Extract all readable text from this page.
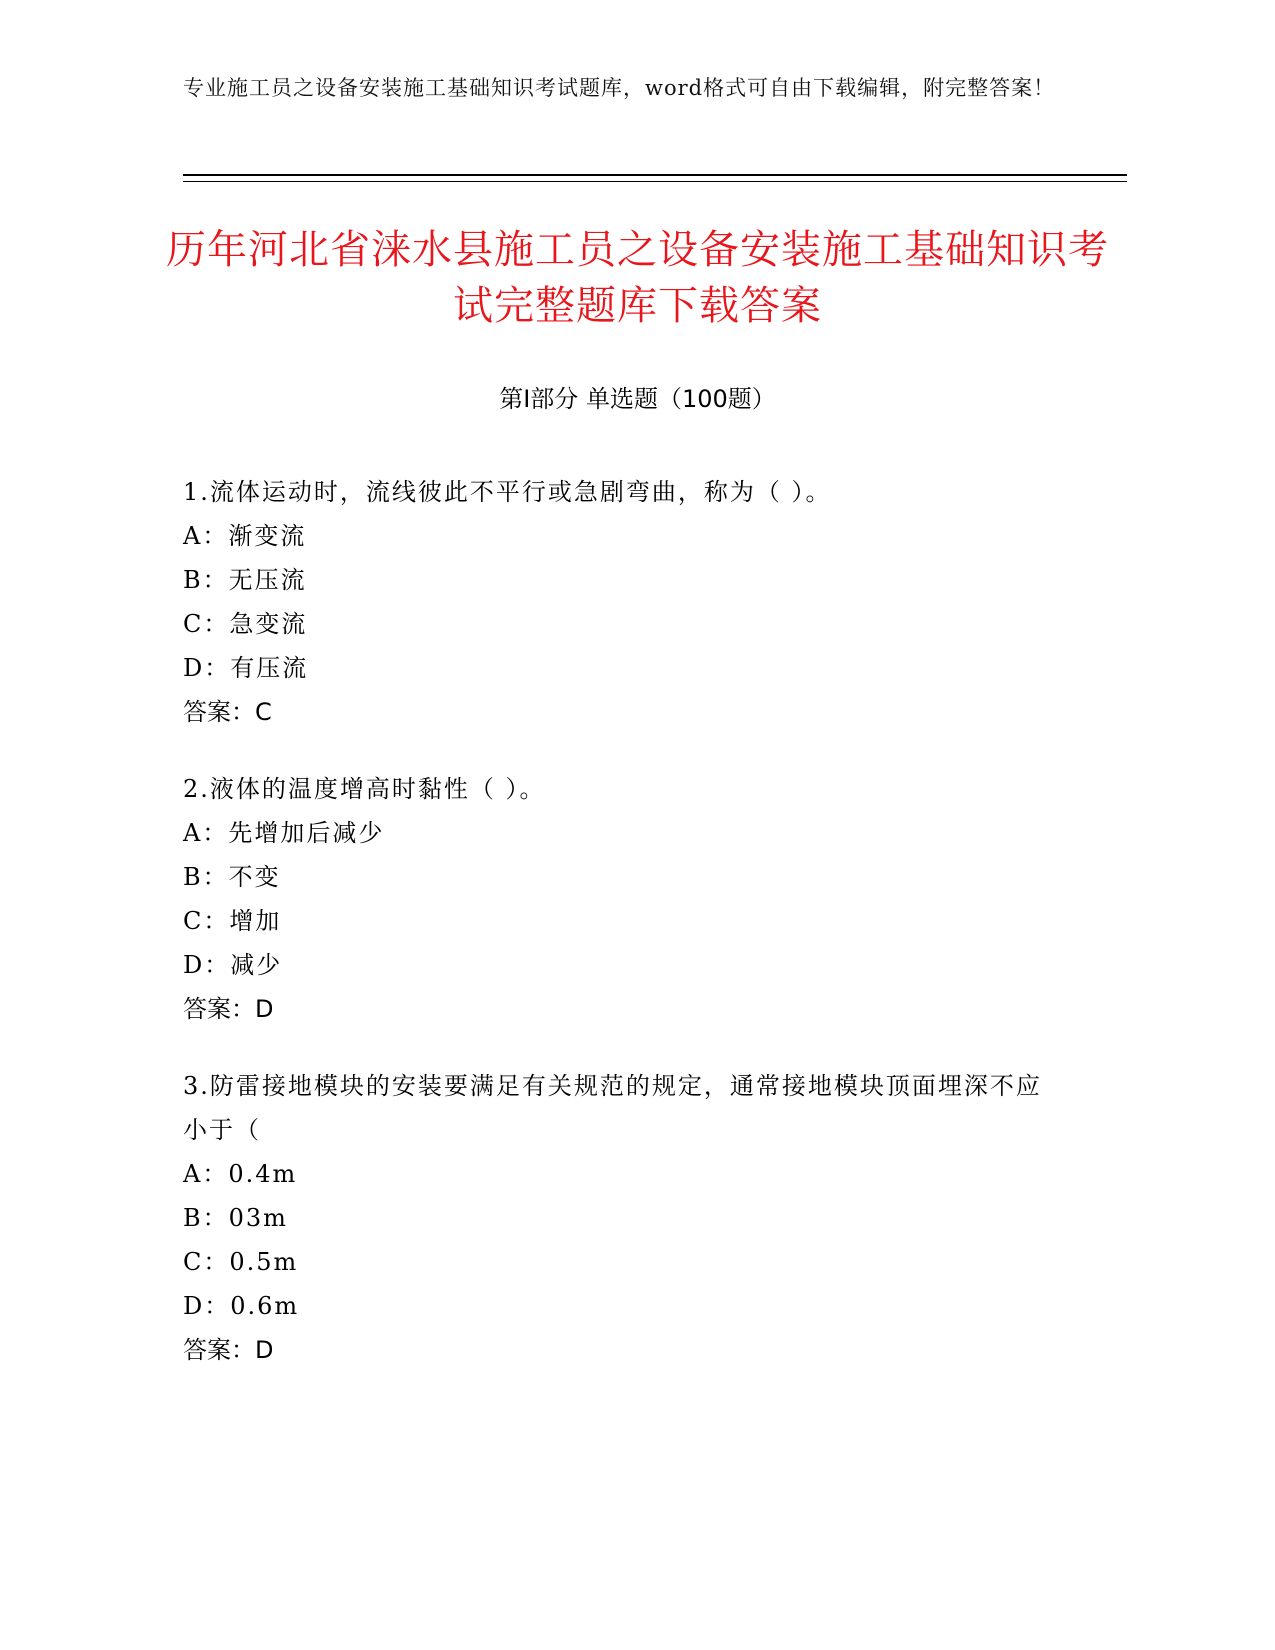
专业施工员之设备安装施工基础知识考试题库，word格式可自由下载编辑，附完整答案！
历年河北省涞水县施工员之设备安装施工基础知识考试完整题库下载答案
第I部分 单选题（100题）

1.流体运动时，流线彼此不平行或急剧弯曲，称为（ ）。

A：渐变流

B：无压流

C：急变流

D：有压流

答案：C

2.液体的温度增高时黏性（ ）。

A：先增加后减少

B：不变

C：增加

D：减少

答案：D

3.防雷接地模块的安装要满足有关规范的规定，通常接地模块顶面埋深不应小于（

A：0.4m

B：03m

C：0.5m

D：0.6m

答案：D
